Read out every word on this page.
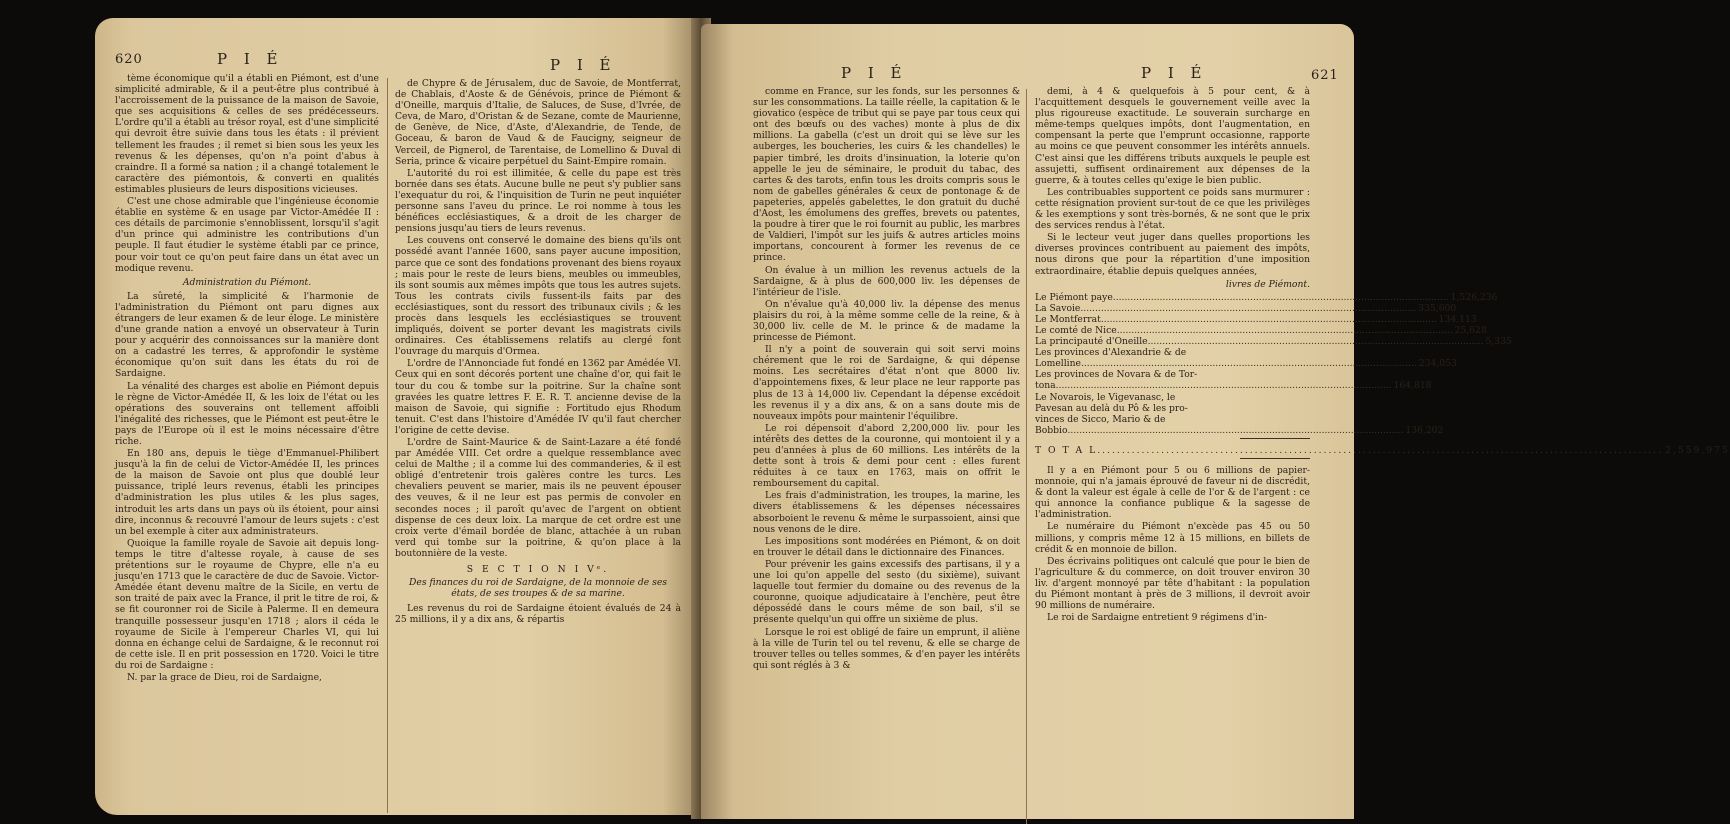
620	P I É	P I É

tème économique qu'il a établi en Piémont, est d'une simplicité admirable, & il a peut-être plus contribué à l'accroissement de la puissance de la maison de Savoie, que ses acquisitions & celles de ses prédécesseurs. L'ordre qu'il a établi au trésor royal, est d'une simplicité qui devroit être suivie dans tous les états : il prévient tellement les fraudes ; il remet si bien sous les yeux les revenus & les dépenses, qu'on n'a point d'abus à craindre. Il a formé sa nation ; il a changé totalement le caractère des piémontois, & converti en qualités estimables plusieurs de leurs dispositions vicieuses.

C'est une chose admirable que l'ingénieuse économie établie en système & en usage par Victor-Amédée II : ces détails de parcimonie s'ennoblissent, lorsqu'il s'agit d'un prince qui administre les contributions d'un peuple. Il faut étudier le système établi par ce prince, pour voir tout ce qu'on peut faire dans un état avec un modique revenu.

Administration du Piémont.

La sûreté, la simplicité & l'harmonie de l'administration du Piémont ont paru dignes aux étrangers de leur examen & de leur éloge. Le ministère d'une grande nation a envoyé un observateur à Turin pour y acquérir des connoissances sur la manière dont on a cadastré les terres, & approfondir le système économique qu'on suit dans les états du roi de Sardaigne.

La vénalité des charges est abolie en Piémont depuis le règne de Victor-Amédée II, & les loix de l'état ou les opérations des souverains ont tellement affoibli l'inégalité des richesses, que le Piémont est peut-être le pays de l'Europe où il est le moins nécessaire d'être riche.

En 180 ans, depuis le tiège d'Emmanuel-Philibert jusqu'à la fin de celui de Victor-Amédée II, les princes de la maison de Savoie ont plus que doublé leur puissance, triplé leurs revenus, établi les principes d'administration les plus utiles & les plus sages, introduit les arts dans un pays où ils étoient, pour ainsi dire, inconnus & recouvré l'amour de leurs sujets : c'est un bel exemple à citer aux administrateurs.

Quoique la famille royale de Savoie ait depuis long-temps le titre d'altesse royale, à cause de ses prétentions sur le royaume de Chypre, elle n'a eu jusqu'en 1713 que le caractère de duc de Savoie. Victor-Amédée étant devenu maître de la Sicile, en vertu de son traité de paix avec la France, il prit le titre de roi, & se fit couronner roi de Sicile à Palerme. Il en demeura tranquille possesseur jusqu'en 1718 ; alors il céda le royaume de Sicile à l'empereur Charles VI, qui lui donna en échange celui de Sardaigne, & le reconnut roi de cette isle. Il en prit possession en 1720. Voici le titre du roi de Sardaigne :

N. par la grace de Dieu, roi de Sardaigne,

de Chypre & de Jérusalem, duc de Savoie, de Montferrat, de Chablais, d'Aoste & de Génévois, prince de Piémont & d'Oneille, marquis d'Italie, de Saluces, de Suse, d'Ivrée, de Ceva, de Maro, d'Oristan & de Sezane, comte de Maurienne, de Genève, de Nice, d'Aste, d'Alexandrie, de Tende, de Goceau, & baron de Vaud & de Faucigny, seigneur de Verceil, de Pignerol, de Tarentaise, de Lomellino & Duval di Seria, prince & vicaire perpétuel du Saint-Empire romain.

L'autorité du roi est illimitée, & celle du pape est très bornée dans ses états. Aucune bulle ne peut s'y publier sans l'exequatur du roi, & l'inquisition de Turin ne peut inquiéter personne sans l'aveu du prince. Le roi nomme à tous les bénéfices ecclésiastiques, & a droit de les charger de pensions jusqu'au tiers de leurs revenus.

Les couvens ont conservé le domaine des biens qu'ils ont possédé avant l'année 1600, sans payer aucune imposition, parce que ce sont des fondations provenant des biens royaux ; mais pour le reste de leurs biens, meubles ou immeubles, ils sont soumis aux mêmes impôts que tous les autres sujets. Tous les contrats civils fussent-ils faits par des ecclésiastiques, sont du ressort des tribunaux civils ; & les procès dans lesquels les ecclésiastiques se trouvent impliqués, doivent se porter devant les magistrats civils ordinaires. Ces établissemens relatifs au clergé font l'ouvrage du marquis d'Ormea.

L'ordre de l'Annonciade fut fondé en 1362 par Amédée VI. Ceux qui en sont décorés portent une chaîne d'or, qui fait le tour du cou & tombe sur la poitrine. Sur la chaîne sont gravées les quatre lettres F. E. R. T. ancienne devise de la maison de Savoie, qui signifie : Fortitudo ejus Rhodum tenuit. C'est dans l'histoire d'Amédée IV qu'il faut chercher l'origine de cette devise.

L'ordre de Saint-Maurice & de Saint-Lazare a été fondé par Amédée VIII. Cet ordre a quelque ressemblance avec celui de Malthe ; il a comme lui des commanderies, & il est obligé d'entretenir trois galères contre les turcs. Les chevaliers peuvent se marier, mais ils ne peuvent épouser des veuves, & il ne leur est pas permis de convoler en secondes noces ; il paroît qu'avec de l'argent on obtient dispense de ces deux loix. La marque de cet ordre est une croix verte d'émail bordée de blanc, attachée à un ruban verd qui tombe sur la poitrine, & qu'on place à la boutonnière de la veste.

S E C T I O N I Vᵉ.

Des finances du roi de Sardaigne, de la monnoie de ses états, de ses troupes & de sa marine.

Les revenus du roi de Sardaigne étoient évalués de 24 à 25 millions, il y a dix ans, & répartis

P I É	P I É	621

comme en France, sur les fonds, sur les personnes & sur les consommations. La taille réelle, la capitation & le giovatico (espèce de tribut qui se paye par tous ceux qui ont des bœufs ou des vaches) monte à plus de dix millions. La gabella (c'est un droit qui se lève sur les auberges, les boucheries, les cuirs & les chandelles) le papier timbré, les droits d'insinuation, la loterie qu'on appelle le jeu de séminaire, le produit du tabac, des cartes & des tarots, enfin tous les droits compris sous le nom de gabelles générales & ceux de pontonage & de papeteries, appelés gabelettes, le don gratuit du duché d'Aost, les émolumens des greffes, brevets ou patentes, la poudre à tirer que le roi fournit au public, les marbres de Valdieri, l'impôt sur les juifs & autres articles moins importans, concourent à former les revenus de ce prince.

On évalue à un million les revenus actuels de la Sardaigne, & à plus de 600,000 liv. les dépenses de l'intérieur de l'isle.

On n'évalue qu'à 40,000 liv. la dépense des menus plaisirs du roi, à la même somme celle de la reine, & à 30,000 liv. celle de M. le prince & de madame la princesse de Piémont.

Il n'y a point de souverain qui soit servi moins chérement que le roi de Sardaigne, & qui dépense moins. Les secrétaires d'état n'ont que 8000 liv. d'appointemens fixes, & leur place ne leur rapporte pas plus de 13 à 14,000 liv. Cependant la dépense excédoit les revenus il y a dix ans, & on a sans doute mis de nouveaux impôts pour maintenir l'équilibre.

Le roi dépensoit d'abord 2,200,000 liv. pour les intérêts des dettes de la couronne, qui montoient il y a peu d'années à plus de 60 millions. Les intérêts de la dette sont à trois & demi pour cent : elles furent réduites à ce taux en 1763, mais on offrit le remboursement du capital.

Les frais d'administration, les troupes, la marine, les divers établissemens & les dépenses nécessaires absorboient le revenu & même le surpassoient, ainsi que nous venons de le dire.

Les impositions sont modérées en Piémont, & on doit en trouver le détail dans le dictionnaire des Finances.

Pour prévenir les gains excessifs des partisans, il y a une loi qu'on appelle del sesto (du sixième), suivant laquelle tout fermier du domaine ou des revenus de la couronne, quoique adjudicataire à l'enchère, peut être dépossédé dans le cours même de son bail, s'il se présente quelqu'un qui offre un sixième de plus.

Lorsque le roi est obligé de faire un emprunt, il aliène à la ville de Turin tel ou tel revenu, & elle se charge de trouver telles ou telles sommes, & d'en payer les intérêts qui sont réglés à 3 &

demi, à 4 & quelquefois à 5 pour cent, & à l'acquittement desquels le gouvernement veille avec la plus rigoureuse exactitude. Le souverain surcharge en même-temps quelques impôts, dont l'augmentation, en compensant la perte que l'emprunt occasionne, rapporte au moins ce que peuvent consommer les intérêts annuels. C'est ainsi que les différens tributs auxquels le peuple est assujetti, suffisent ordinairement aux dépenses de la guerre, & à toutes celles qu'exige le bien public.

Les contribuables supportent ce poids sans murmurer : cette résignation provient sur-tout de ce que les privilèges & les exemptions y sont très-bornés, & ne sont que le prix des services rendus à l'état.

Si le lecteur veut juger dans quelles proportions les diverses provinces contribuent au paiement des impôts, nous dirons que pour la répartition d'une imposition extraordinaire, établie depuis quelques années,

livres de Piémont.
Le Piémont paye .....	1,526,236
La Savoie .....	335,600
Le Montferrat .....	134,113
Le comté de Nice .....	25,628
La principauté d'Oneille .....	5,335
Les provinces d'Alexandrie & de
Lomelline .....	234,053
Les provinces de Novara & de Tor-
tona .....	164,818
Le Novarois, le Vigevanasc, le
Pavesan au delà du Pô & les pro-
vinces de Sicco, Mario & de
Bobbio .....	136,202
T O T A L .....	2,559,975

Il y a en Piémont pour 5 ou 6 millions de papier-monnoie, qui n'a jamais éprouvé de faveur ni de discrédit, & dont la valeur est égale à celle de l'or & de l'argent : ce qui annonce la confiance publique & la sagesse de l'administration.

Le numéraire du Piémont n'excède pas 45 ou 50 millions, y compris même 12 à 15 millions, en billets de crédit & en monnoie de billon.

Des écrivains politiques ont calculé que pour le bien de l'agriculture & du commerce, on doit trouver environ 30 liv. d'argent monnoyé par tête d'habitant : la population du Piémont montant à près de 3 millions, il devroit avoir 90 millions de numéraire.

Le roi de Sardaigne entretient 9 régimens d'in-
